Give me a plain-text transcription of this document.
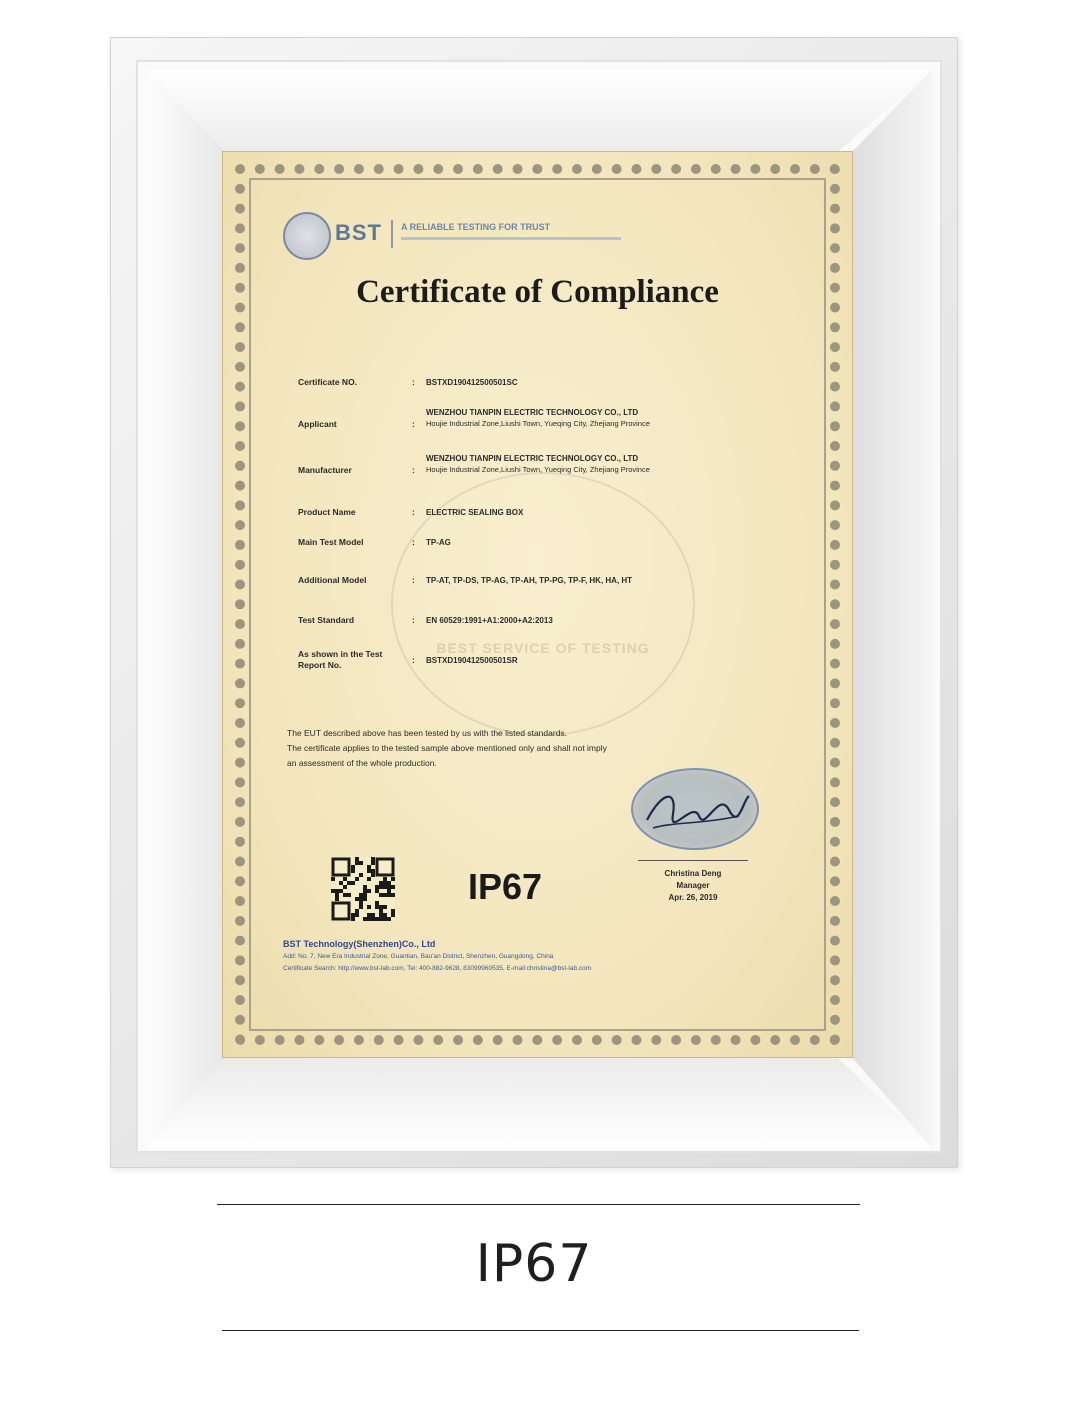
BST A RELIABLE TESTING FOR TRUST
Certificate of Compliance
BEST SERVICE OF TESTING
Certificate NO.	: BSTXD190412500501SC
Applicant	:
WENZHOU TIANPIN ELECTRIC TECHNOLOGY CO., LTD
Houjie Industrial Zone,Liushi Town, Yueqing City, Zhejiang Province
Manufacturer	:
WENZHOU TIANPIN ELECTRIC TECHNOLOGY CO., LTD
Houjie Industrial Zone,Liushi Town, Yueqing City, Zhejiang Province
Product Name	: ELECTRIC SEALING BOX
Main Test Model	: TP-AG
Additional Model	: TP-AT, TP-DS, TP-AG, TP-AH, TP-PG, TP-F, HK, HA, HT
Test Standard	: EN 60529:1991+A1:2000+A2:2013
As shown in the Test Report No.	: BSTXD190412500501SR
The EUT described above has been tested by us with the listed standards.
The certificate applies to the tested sample above mentioned only and shall not imply
an assessment of the whole production.
IP67	Christina Deng
Manager
Apr. 26, 2019
BST Technology(Shenzhen)Co., Ltd
Add: No. 7, New Era Industrial Zone, Guantian, Bao'an District, Shenzhen, Guangdong, China
Certificate Search: http://www.bst-lab.com, Tel: 400-882-9628, 83099960535, E-mail:christina@bst-lab.com
IP67
